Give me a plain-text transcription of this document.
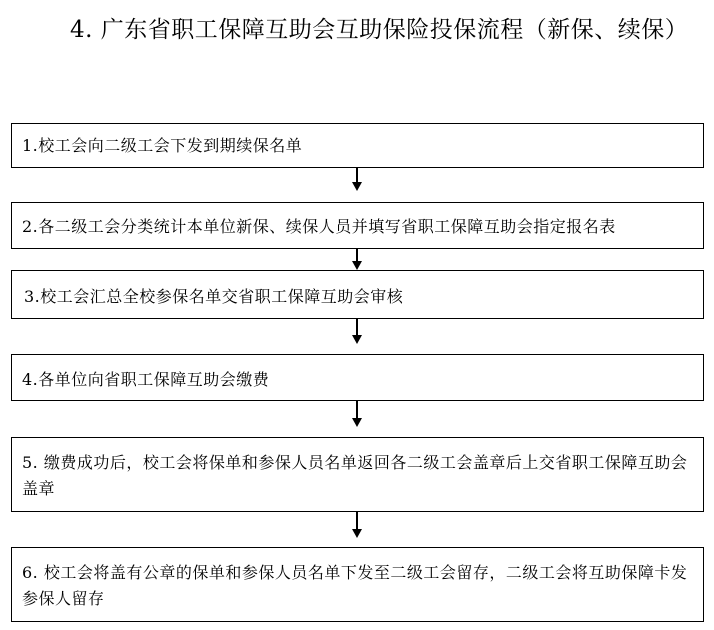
4. 广东省职工保障互助会互助保险投保流程（新保、续保）
1.校工会向二级工会下发到期续保名单
2.各二级工会分类统计本单位新保、续保人员并填写省职工保障互助会指定报名表
3.校工会汇总全校参保名单交省职工保障互助会审核
4.各单位向省职工保障互助会缴费
5. 缴费成功后，校工会将保单和参保人员名单返回各二级工会盖章后上交省职工保障互助会盖章
6. 校工会将盖有公章的保单和参保人员名单下发至二级工会留存，二级工会将互助保障卡发参保人留存
